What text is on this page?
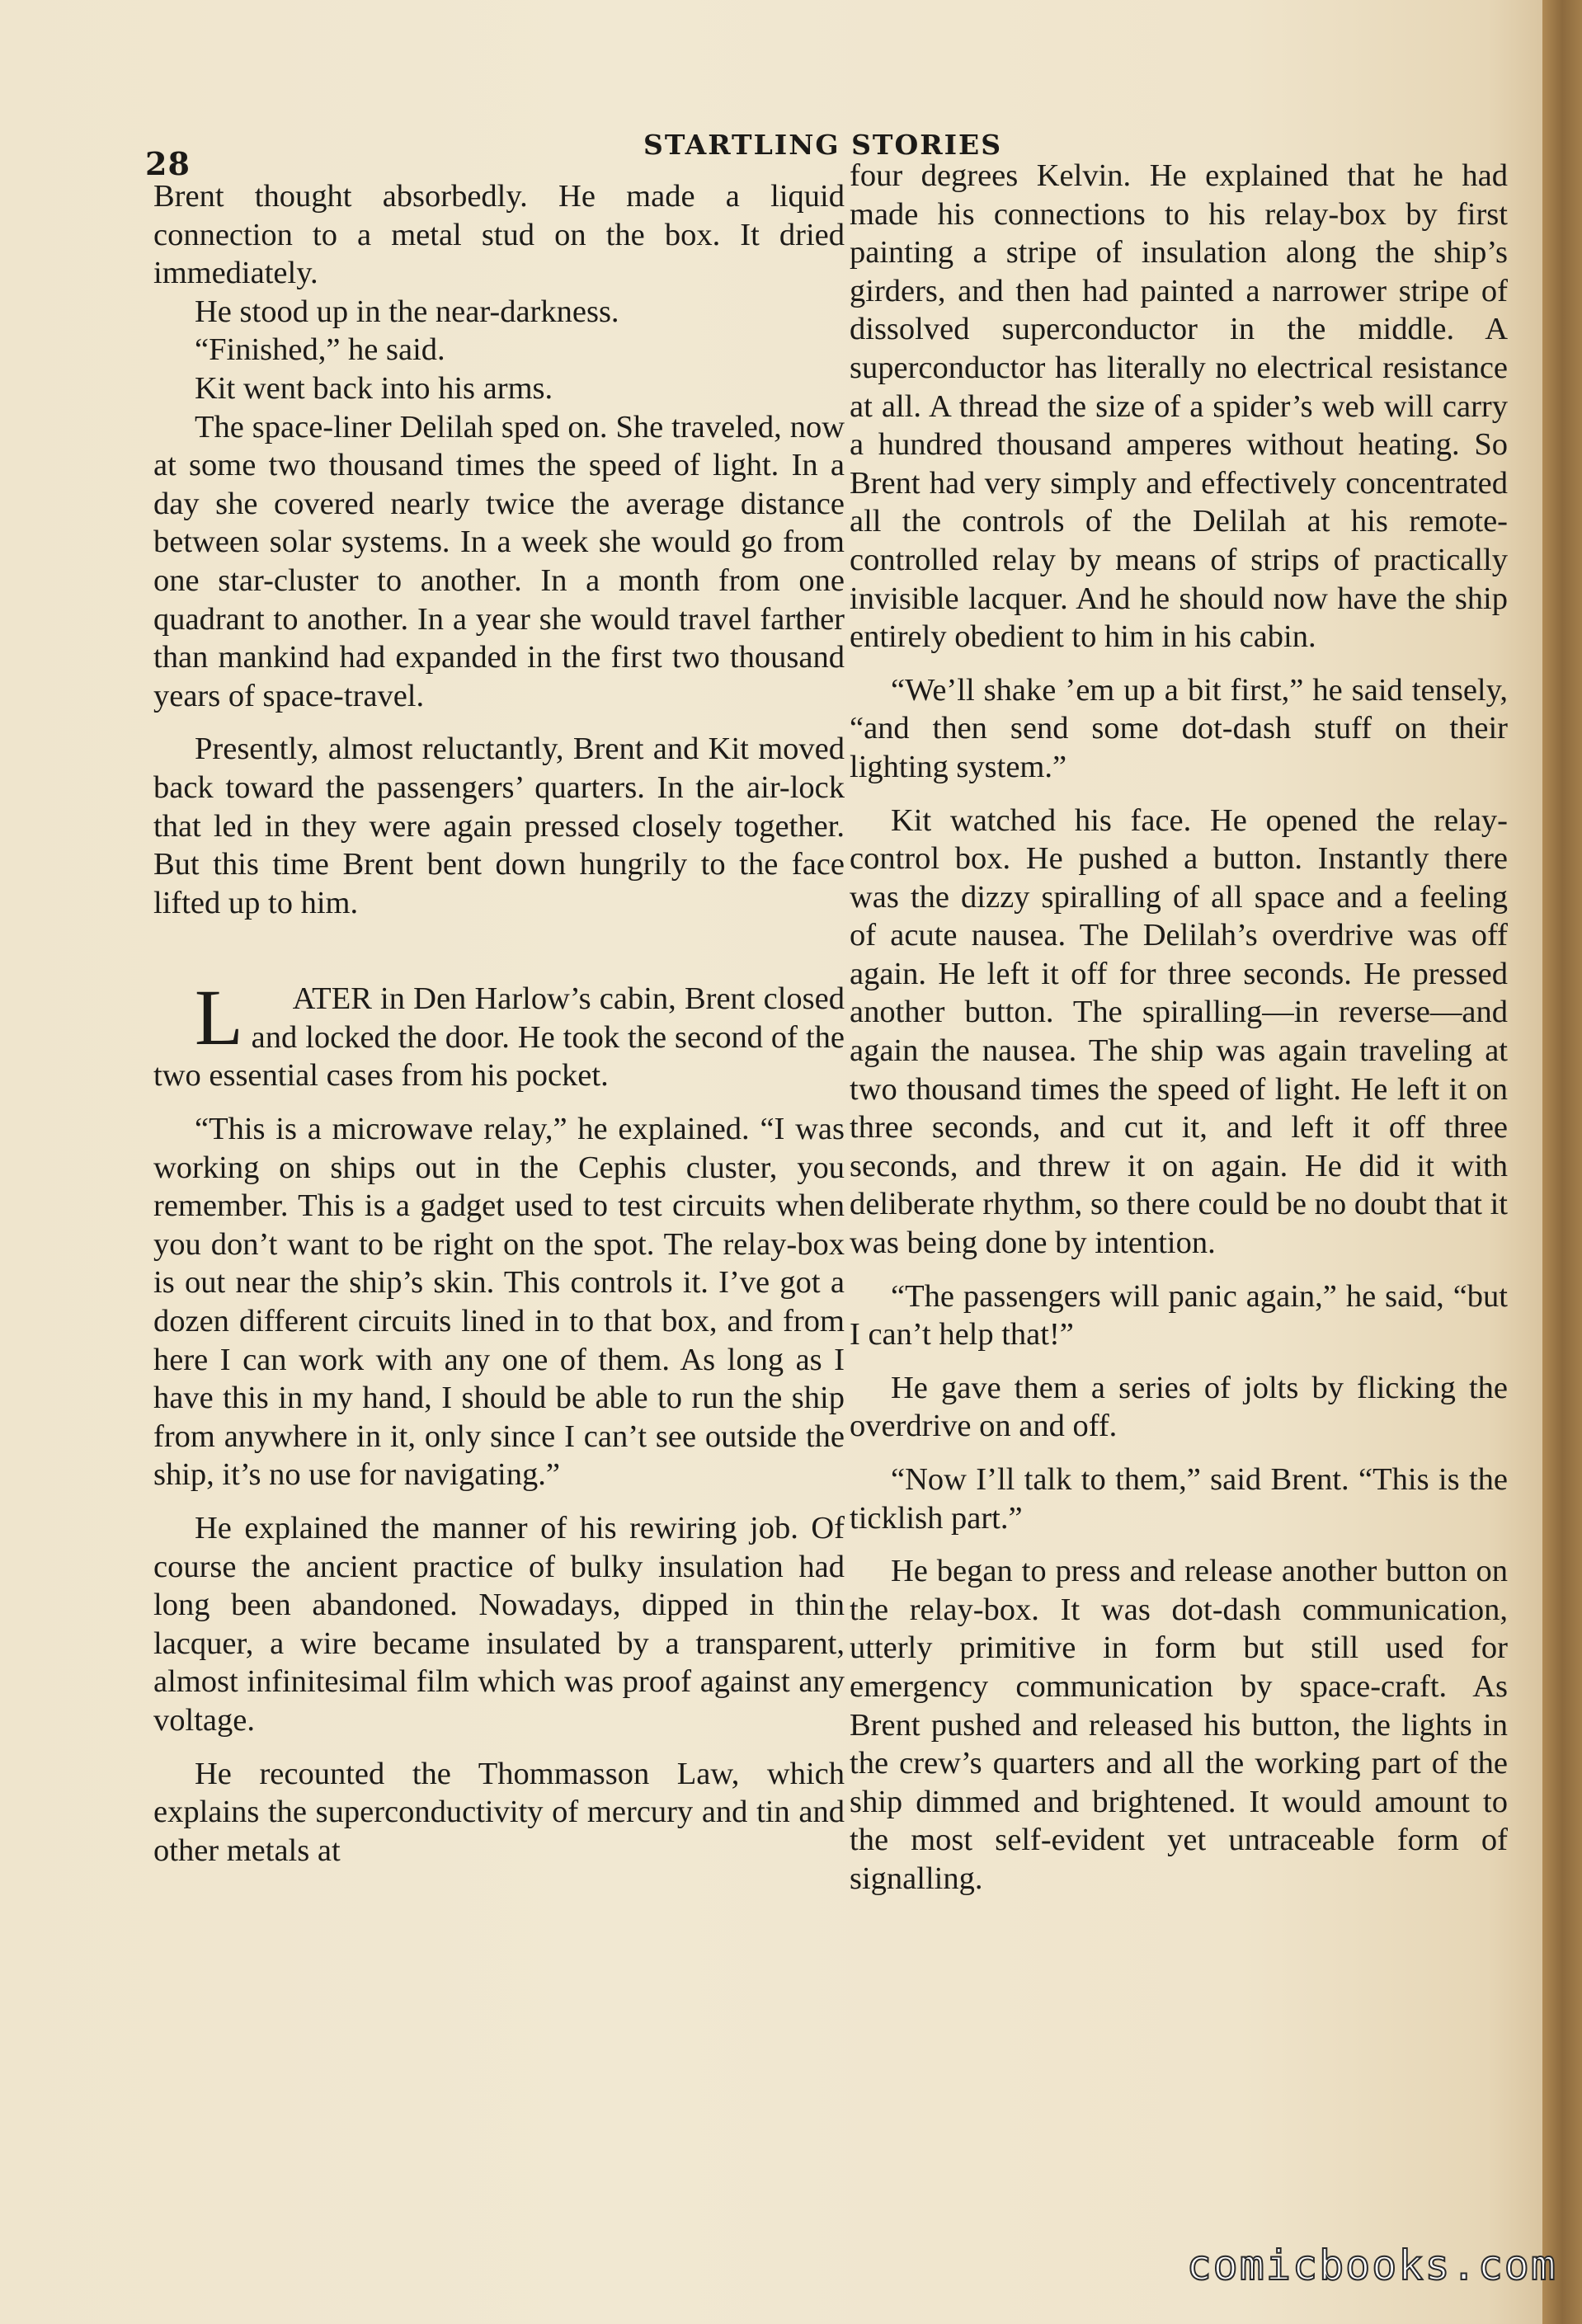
28
STARTLING STORIES

Brent thought absorbedly. He made a liquid connection to a metal stud on the box. It dried immediately.

He stood up in the near-darkness.

“Finished,” he said.

Kit went back into his arms.

The space-liner Delilah sped on. She traveled, now at some two thousand times the speed of light. In a day she covered nearly twice the average distance between solar systems. In a week she would go from one star-cluster to another. In a month from one quadrant to another. In a year she would travel farther than mankind had expanded in the first two thousand years of space-travel.

Presently, almost reluctantly, Brent and Kit moved back toward the passengers’ quarters. In the air-lock that led in they were again pressed closely together. But this time Brent bent down hungrily to the face lifted up to him.

L ATER in Den Harlow’s cabin, Brent closed and locked the door. He took the second of the two essential cases from his pocket.

“This is a microwave relay,” he explained. “I was working on ships out in the Cephis cluster, you remember. This is a gadget used to test circuits when you don’t want to be right on the spot. The relay-box is out near the ship’s skin. This controls it. I’ve got a dozen different circuits lined in to that box, and from here I can work with any one of them. As long as I have this in my hand, I should be able to run the ship from anywhere in it, only since I can’t see outside the ship, it’s no use for navigating.”

He explained the manner of his rewiring job. Of course the ancient practice of bulky insulation had long been abandoned. Nowadays, dipped in thin lacquer, a wire became insulated by a transparent, almost infinitesimal film which was proof against any voltage.

He recounted the Thommasson Law, which explains the superconductivity of mercury and tin and other metals at

four degrees Kelvin. He explained that he had made his connections to his relay-box by first painting a stripe of insulation along the ship’s girders, and then had painted a narrower stripe of dissolved superconductor in the middle. A superconductor has literally no electrical resistance at all. A thread the size of a spider’s web will carry a hundred thousand amperes without heating. So Brent had very simply and effectively concentrated all the controls of the Delilah at his remote-controlled relay by means of strips of practically invisible lacquer. And he should now have the ship entirely obedient to him in his cabin.

“We’ll shake ’em up a bit first,” he said tensely, “and then send some dot-dash stuff on their lighting system.”

Kit watched his face. He opened the relay-control box. He pushed a button. Instantly there was the dizzy spiralling of all space and a feeling of acute nausea. The Delilah’s overdrive was off again. He left it off for three seconds. He pressed another button. The spiralling—in reverse—and again the nausea. The ship was again traveling at two thousand times the speed of light. He left it on three seconds, and cut it, and left it off three seconds, and threw it on again. He did it with deliberate rhythm, so there could be no doubt that it was being done by intention.

“The passengers will panic again,” he said, “but I can’t help that!”

He gave them a series of jolts by flicking the overdrive on and off.

“Now I’ll talk to them,” said Brent. “This is the ticklish part.”

He began to press and release another button on the relay-box. It was dot-dash communication, utterly primitive in form but still used for emergency communication by space-craft. As Brent pushed and released his button, the lights in the crew’s quarters and all the working part of the ship dimmed and brightened. It would amount to the most self-evident yet untraceable form of signalling.

comicbooks.com
